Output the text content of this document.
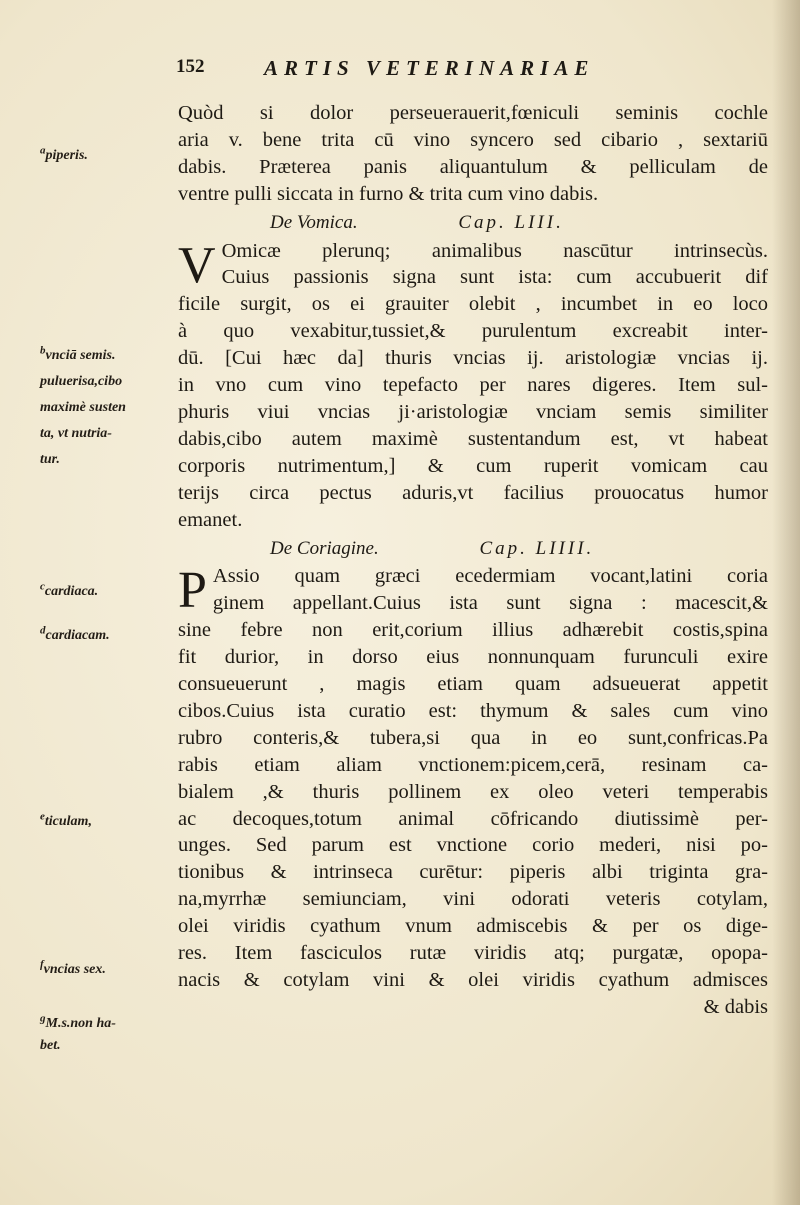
152	ARTIS VETERINARIAE
$^a$piperis.
$^b$vnciā semis.
puluerisa,cibo
maximè susten
ta, vt nutria-
tur.
$^c$cardiaca.
$^d$cardiacam.
$^e$ticulam,
$^f$vncias sex.
$^g$M.s.non ha-
bet.
Quòd si dolor perseuerauerit,fœniculi seminis cochle
aria v. bene trita cū vino syncero sed cibario , sextariū
dabis. Præterea panis aliquantulum & pelliculam de
ventre pulli siccata in furno & trita cum vino dabis.
De Vomica.	Cap. LIII.
V Omicæ plerunq; animalibus nascūtur intrinsecùs.
Cuius passionis signa sunt ista: cum accubuerit dif
ficile surgit, os ei grauiter olebit , incumbet in eo loco
à quo vexabitur,tussiet,& purulentum excreabit inter-
dū. [Cui hæc da] thuris vncias ij. aristologiæ vncias ij.
in vno cum vino tepefacto per nares digeres. Item sul-
phuris viui vncias ji·aristologiæ vnciam semis similiter
dabis,cibo autem maximè sustentandum est, vt habeat
corporis nutrimentum,] & cum ruperit vomicam cau
terijs circa pectus aduris,vt facilius prouocatus humor
emanet.
De Coriagine.	Cap. LIIII.
P Assio quam græci ecedermiam vocant,latini coria
ginem appellant.Cuius ista sunt signa : macescit,&
sine febre non erit,corium illius adhærebit costis,spina
fit durior, in dorso eius nonnunquam furunculi exire
consueuerunt , magis etiam quam adsueuerat appetit
cibos.Cuius ista curatio est: thymum & sales cum vino
rubro conteris,& tubera,si qua in eo sunt,confricas.Pa
rabis etiam aliam vnctionem:picem,cerā, resinam ca-
bialem ,& thuris pollinem ex oleo veteri temperabis
ac decoques,totum animal cōfricando diutissimè per-
unges. Sed parum est vnctione corio mederi, nisi po-
tionibus & intrinseca curētur: piperis albi triginta gra-
na,myrrhæ semiunciam, vini odorati veteris cotylam,
olei viridis cyathum vnum admiscebis & per os dige-
res. Item fasciculos rutæ viridis atq; purgatæ, opopa-
nacis & cotylam vini & olei viridis cyathum admisces
& dabis
